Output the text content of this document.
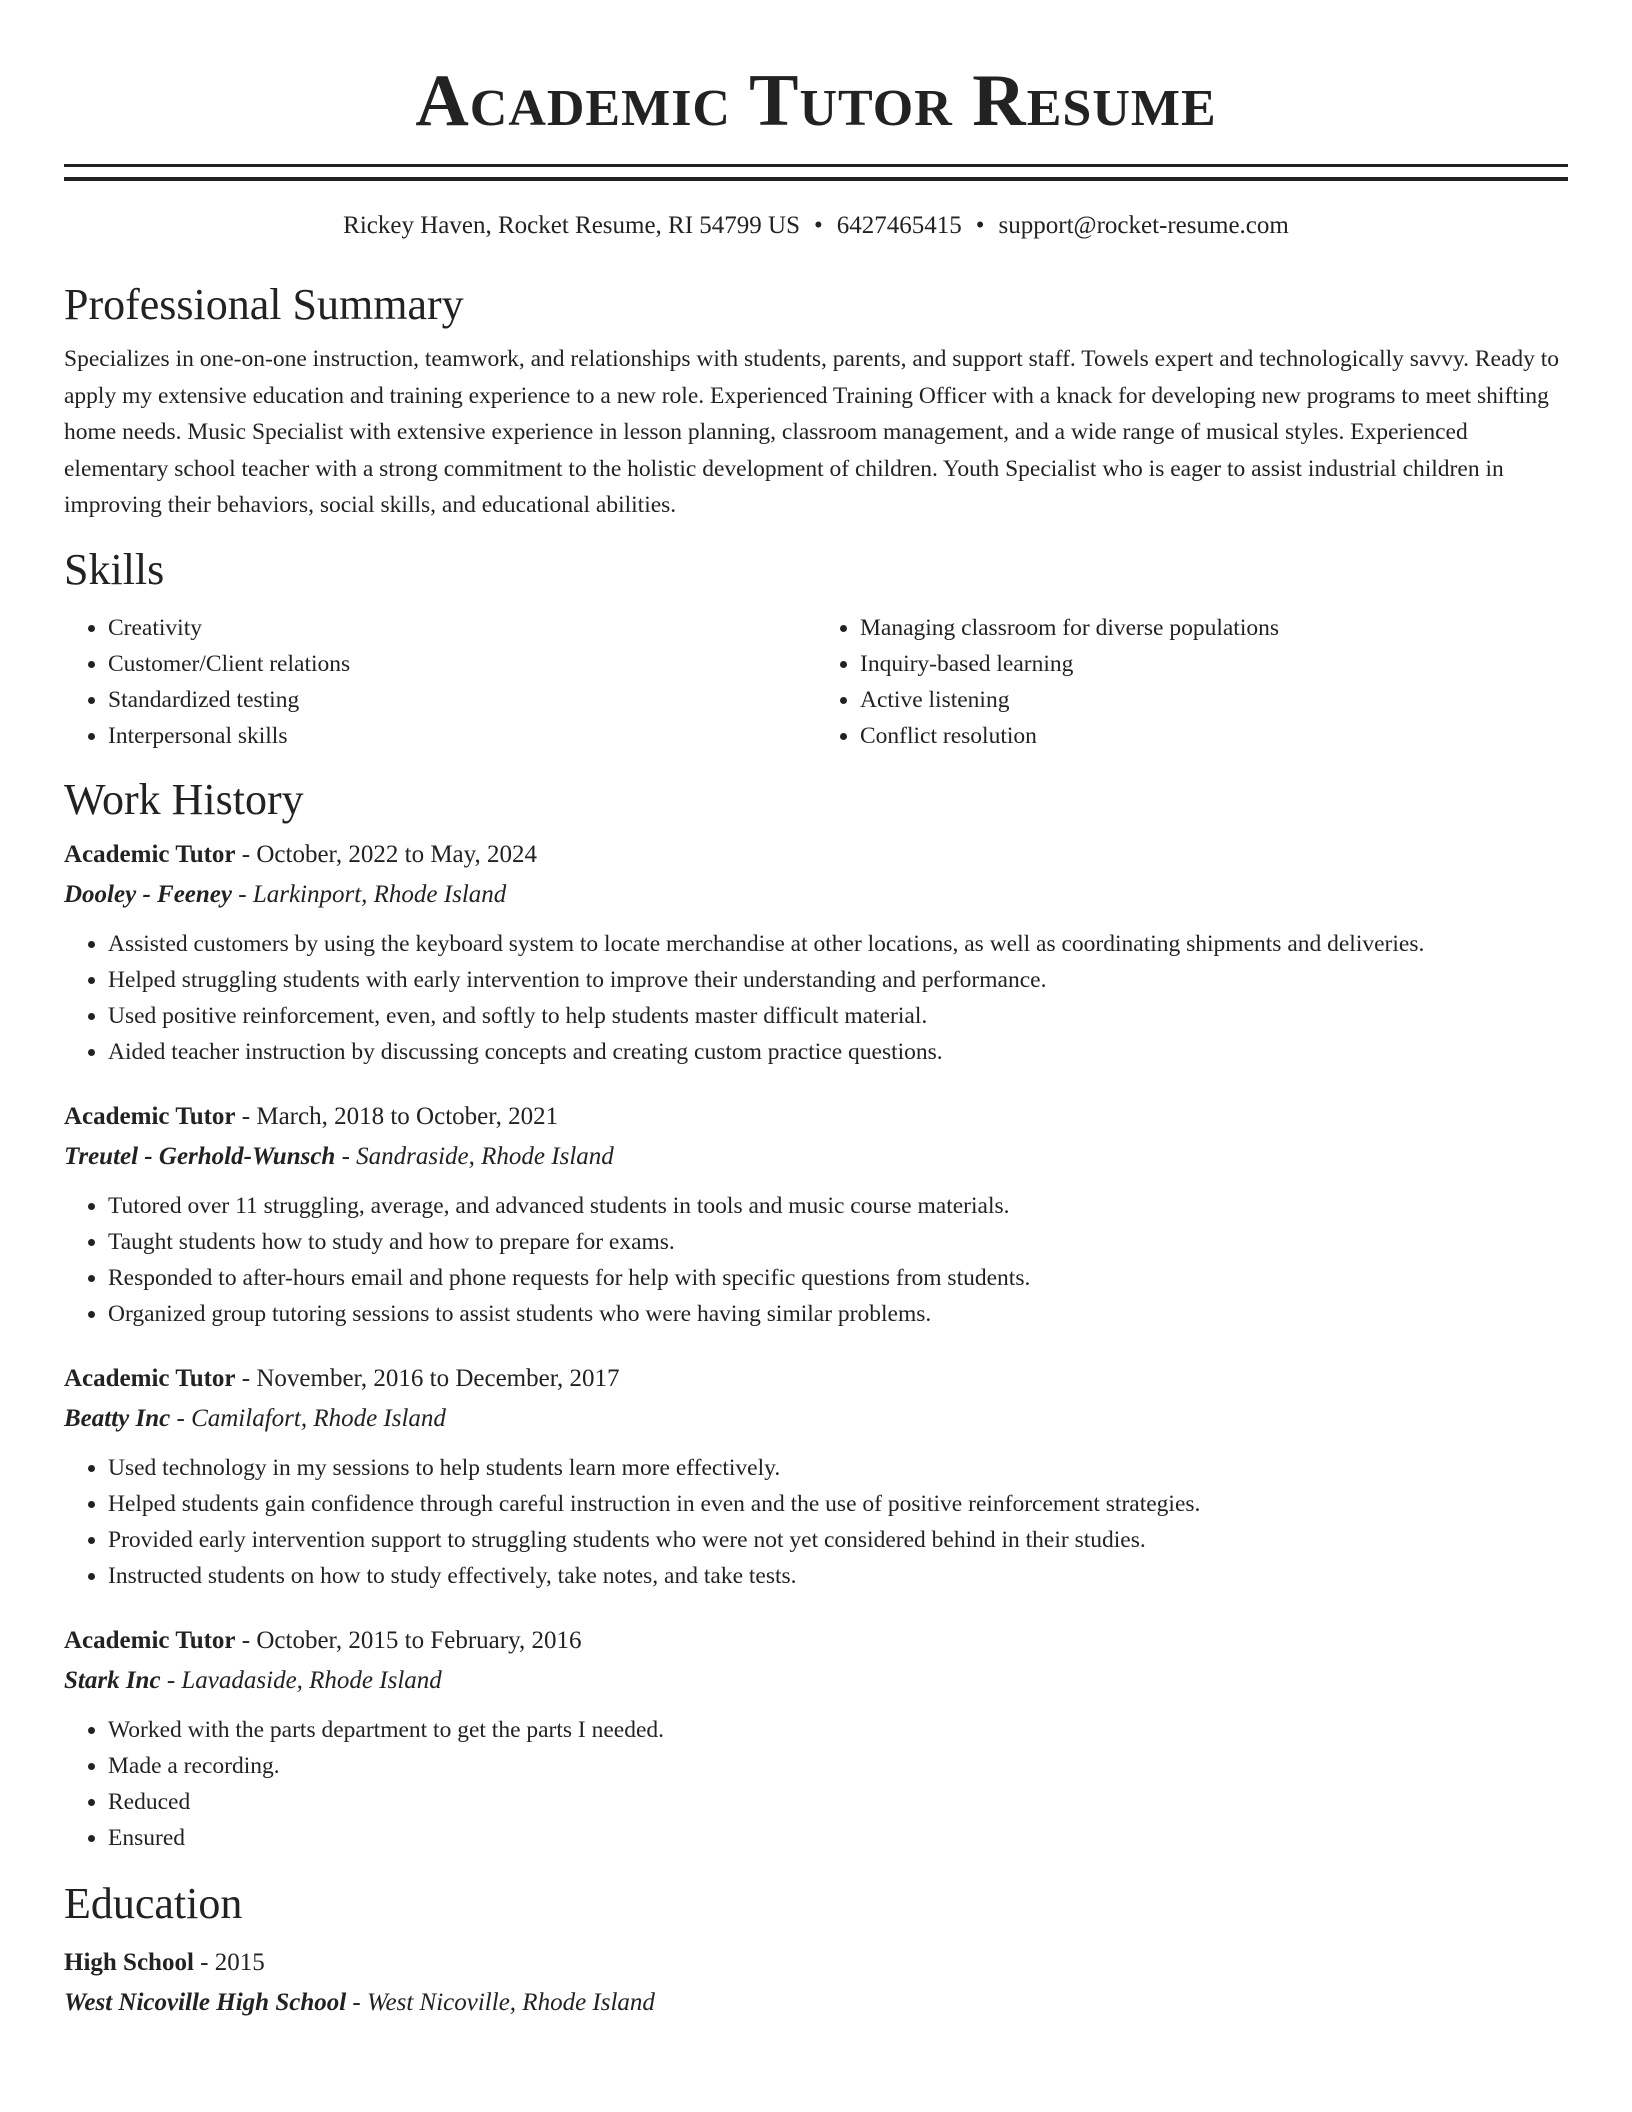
Academic Tutor Resume
Rickey Haven, Rocket Resume, RI 54799 US • 6427465415 • support@rocket-resume.com
Professional Summary

Specializes in one-on-one instruction, teamwork, and relationships with students, parents, and support staff. Towels expert and technologically savvy. Ready to apply my extensive education and training experience to a new role. Experienced Training Officer with a knack for developing new programs to meet shifting home needs. Music Specialist with extensive experience in lesson planning, classroom management, and a wide range of musical styles. Experienced elementary school teacher with a strong commitment to the holistic development of children. Youth Specialist who is eager to assist industrial children in improving their behaviors, social skills, and educational abilities.

Skills
• Creativity
• Customer/Client relations
• Standardized testing
• Interpersonal skills
• Managing classroom for diverse populations
• Inquiry-based learning
• Active listening
• Conflict resolution
Work History
Academic Tutor - October, 2022 to May, 2024
Dooley - Feeney - Larkinport, Rhode Island
• Assisted customers by using the keyboard system to locate merchandise at other locations, as well as coordinating shipments and deliveries.
• Helped struggling students with early intervention to improve their understanding and performance.
• Used positive reinforcement, even, and softly to help students master difficult material.
• Aided teacher instruction by discussing concepts and creating custom practice questions.
Academic Tutor - March, 2018 to October, 2021
Treutel - Gerhold-Wunsch - Sandraside, Rhode Island
• Tutored over 11 struggling, average, and advanced students in tools and music course materials.
• Taught students how to study and how to prepare for exams.
• Responded to after-hours email and phone requests for help with specific questions from students.
• Organized group tutoring sessions to assist students who were having similar problems.
Academic Tutor - November, 2016 to December, 2017
Beatty Inc - Camilafort, Rhode Island
• Used technology in my sessions to help students learn more effectively.
• Helped students gain confidence through careful instruction in even and the use of positive reinforcement strategies.
• Provided early intervention support to struggling students who were not yet considered behind in their studies.
• Instructed students on how to study effectively, take notes, and take tests.
Academic Tutor - October, 2015 to February, 2016
Stark Inc - Lavadaside, Rhode Island
• Worked with the parts department to get the parts I needed.
• Made a recording.
• Reduced
• Ensured
Education
High School - 2015
West Nicoville High School - West Nicoville, Rhode Island
